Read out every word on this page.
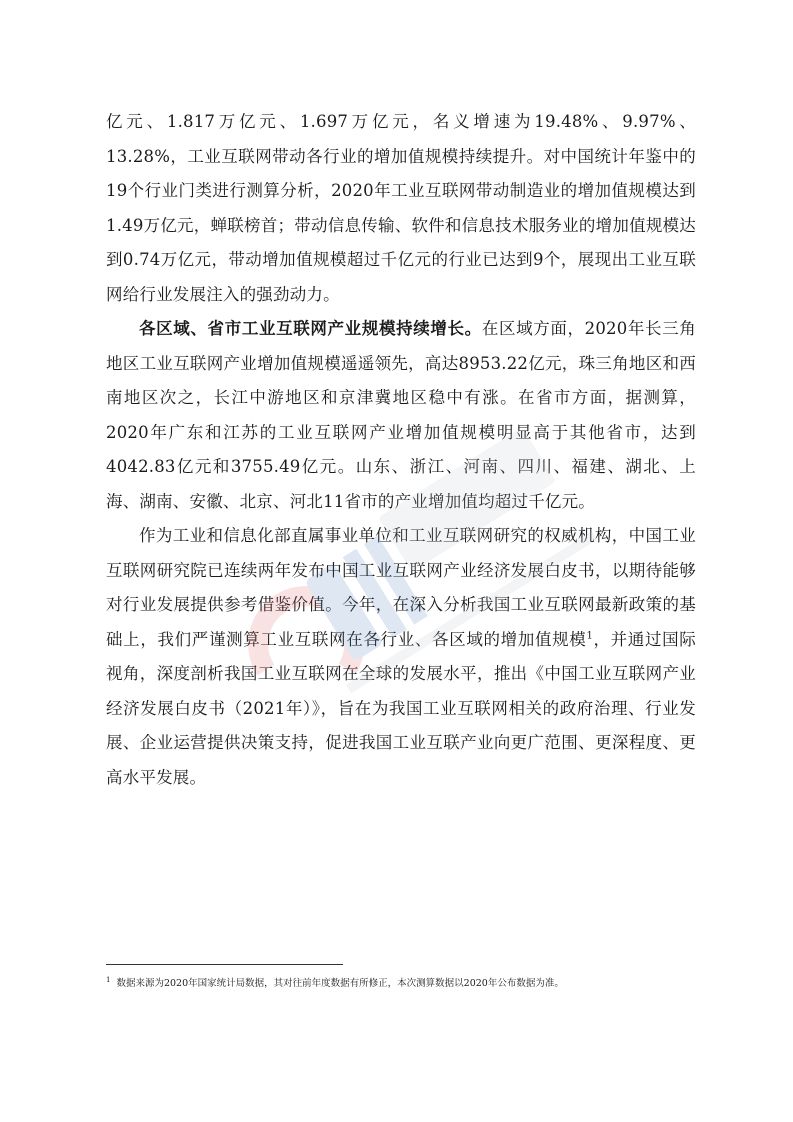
亿元、1.817万亿元、1.697万亿元，名义增速为19.48%、9.97%、13.28%，工业互联网带动各行业的增加值规模持续提升。对中国统计年鉴中的19个行业门类进行测算分析，2020年工业互联网带动制造业的增加值规模达到1.49万亿元，蝉联榜首；带动信息传输、软件和信息技术服务业的增加值规模达到0.74万亿元，带动增加值规模超过千亿元的行业已达到9个，展现出工业互联网给行业发展注入的强劲动力。

各区域、省市工业互联网产业规模持续增长。在区域方面，2020年长三角地区工业互联网产业增加值规模遥遥领先，高达8953.22亿元，珠三角地区和西南地区次之，长江中游地区和京津冀地区稳中有涨。在省市方面，据测算，2020年广东和江苏的工业互联网产业增加值规模明显高于其他省市，达到4042.83亿元和3755.49亿元。山东、浙江、河南、四川、福建、湖北、上海、湖南、安徽、北京、河北11省市的产业增加值均超过千亿元。

作为工业和信息化部直属事业单位和工业互联网研究的权威机构，中国工业互联网研究院已连续两年发布中国工业互联网产业经济发展白皮书，以期待能够对行业发展提供参考借鉴价值。今年，在深入分析我国工业互联网最新政策的基础上，我们严谨测算工业互联网在各行业、各区域的增加值规模$^1$，并通过国际视角，深度剖析我国工业互联网在全球的发展水平，推出《中国工业互联网产业经济发展白皮书（2021年）》，旨在为我国工业互联网相关的政府治理、行业发展、企业运营提供决策支持，促进我国工业互联产业向更广范围、更深程度、更高水平发展。

$^1$ 数据来源为2020年国家统计局数据，其对往前年度数据有所修正，本次测算数据以2020年公布数据为准。
